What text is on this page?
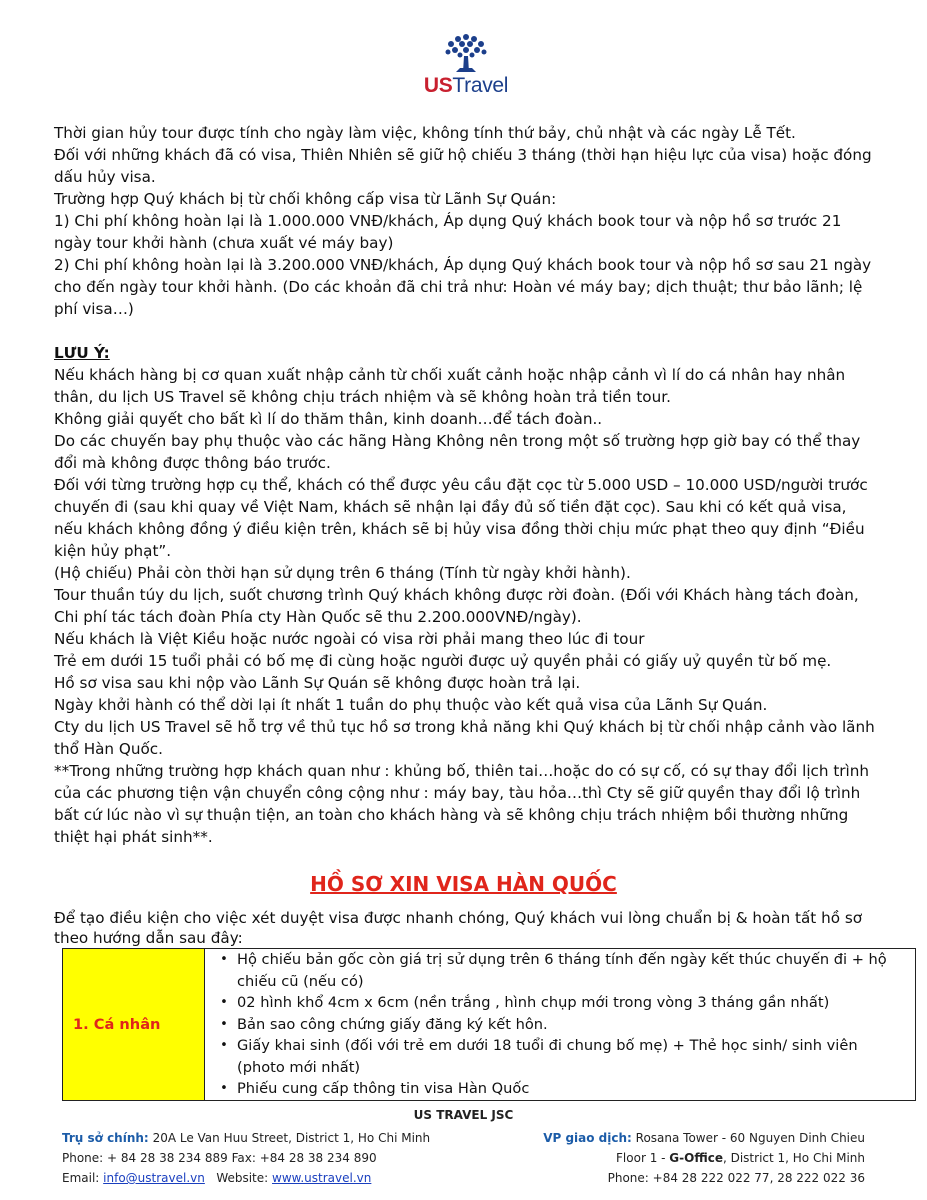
USTravel

Thời gian hủy tour được tính cho ngày làm việc, không tính thứ bảy, chủ nhật và các ngày Lễ Tết.

Đối với những khách đã có visa, Thiên Nhiên sẽ giữ hộ chiếu 3 tháng (thời hạn hiệu lực của visa) hoặc đóng dấu hủy visa.

Trường hợp Quý khách bị từ chối không cấp visa từ Lãnh Sự Quán:

1) Chi phí không hoàn lại là 1.000.000 VNĐ/khách, Áp dụng Quý khách book tour và nộp hồ sơ trước 21 ngày tour khởi hành (chưa xuất vé máy bay)

2) Chi phí không hoàn lại là 3.200.000 VNĐ/khách, Áp dụng Quý khách book tour và nộp hồ sơ sau 21 ngày cho đến ngày tour khởi hành. (Do các khoản đã chi trả như: Hoàn vé máy bay; dịch thuật; thư bảo lãnh; lệ phí visa…)

LƯU Ý:

Nếu khách hàng bị cơ quan xuất nhập cảnh từ chối xuất cảnh hoặc nhập cảnh vì lí do cá nhân hay nhân thân, du lịch US Travel sẽ không chịu trách nhiệm và sẽ không hoàn trả tiền tour.

Không giải quyết cho bất kì lí do thăm thân, kinh doanh…để tách đoàn..

Do các chuyến bay phụ thuộc vào các hãng Hàng Không nên trong một số trường hợp giờ bay có thể thay đổi mà không được thông báo trước.

Đối với từng trường hợp cụ thể, khách có thể được yêu cầu đặt cọc từ 5.000 USD – 10.000 USD/người trước chuyến đi (sau khi quay về Việt Nam, khách sẽ nhận lại đầy đủ số tiền đặt cọc). Sau khi có kết quả visa, nếu khách không đồng ý điều kiện trên, khách sẽ bị hủy visa đồng thời chịu mức phạt theo quy định “Điều kiện hủy phạt”.

(Hộ chiếu) Phải còn thời hạn sử dụng trên 6 tháng (Tính từ ngày khởi hành).

Tour thuần túy du lịch, suốt chương trình Quý khách không được rời đoàn. (Đối với Khách hàng tách đoàn, Chi phí tác tách đoàn Phía cty Hàn Quốc sẽ thu 2.200.000VNĐ/ngày).

Nếu khách là Việt Kiều hoặc nước ngoài có visa rời phải mang theo lúc đi tour

Trẻ em dưới 15 tuổi phải có bố mẹ đi cùng hoặc người được uỷ quyền phải có giấy uỷ quyền từ bố mẹ.

Hồ sơ visa sau khi nộp vào Lãnh Sự Quán sẽ không được hoàn trả lại.

Ngày khởi hành có thể dời lại ít nhất 1 tuần do phụ thuộc vào kết quả visa của Lãnh Sự Quán.

Cty du lịch US Travel sẽ hỗ trợ về thủ tục hồ sơ trong khả năng khi Quý khách bị từ chối nhập cảnh vào lãnh thổ Hàn Quốc.

**Trong những trường hợp khách quan như : khủng bố, thiên tai…hoặc do có sự cố, có sự thay đổi lịch trình của các phương tiện vận chuyển công cộng như : máy bay, tàu hỏa…thì Cty sẽ giữ quyền thay đổi lộ trình bất cứ lúc nào vì sự thuận tiện, an toàn cho khách hàng và sẽ không chịu trách nhiệm bồi thường những thiệt hại phát sinh**.

HỒ SƠ XIN VISA HÀN QUỐC

Để tạo điều kiện cho việc xét duyệt visa được nhanh chóng, Quý khách vui lòng chuẩn bị & hoàn tất hồ sơ theo hướng dẫn sau đây:

1. Cá nhân	
• Hộ chiếu bản gốc còn giá trị sử dụng trên 6 tháng tính đến ngày kết thúc chuyến đi + hộ chiếu cũ (nếu có)
• 02 hình khổ 4cm x 6cm (nền trắng , hình chụp mới trong vòng 3 tháng gần nhất)
• Bản sao công chứng giấy đăng ký kết hôn.
• Giấy khai sinh (đối với trẻ em dưới 18 tuổi đi chung bố mẹ) + Thẻ học sinh/ sinh viên (photo mới nhất)
• Phiếu cung cấp thông tin visa Hàn Quốc
US TRAVEL JSC
Trụ sở chính: 20A Le Van Huu Street, District 1, Ho Chi Minh
Phone: + 84 28 38 234 889 Fax: +84 28 38 234 890
Email: info@ustravel.vn Website: www.ustravel.vn
VP giao dịch: Rosana Tower - 60 Nguyen Dinh Chieu
Floor 1 - G-Office, District 1, Ho Chi Minh
Phone: +84 28 222 022 77, 28 222 022 36
